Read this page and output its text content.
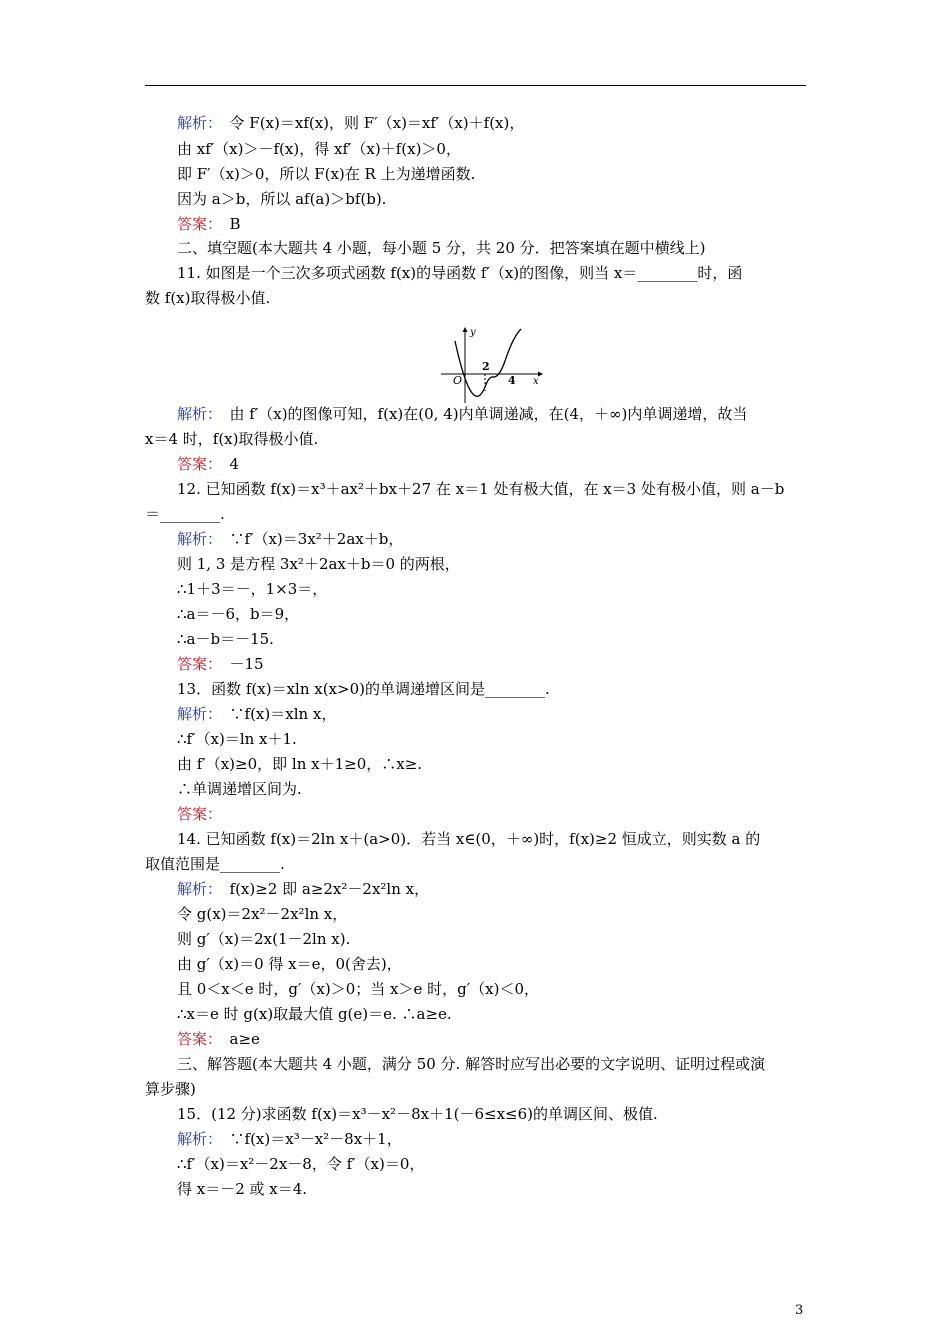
解析：　令 F(x)＝xf(x)，则 F′（x)＝xf′（x)＋f(x)，
由 xf′（x)＞－f(x)，得 xf′（x)＋f(x)＞0，
即 F′（x)＞0，所以 F(x)在 R 上为递增函数.
因为 a＞b，所以 af(a)＞bf(b).
答案：　B
二、填空题(本大题共 4 小题，每小题 5 分，共 20 分．把答案填在题中横线上)
11. 如图是一个三次多项式函数 f(x)的导函数 f′（x)的图像，则当 x＝________时，函
数 f(x)取得极小值.
解析：　由 f′（x)的图像可知，f(x)在(0, 4)内单调递减，在(4，＋∞)内单调递增，故当
x＝4 时，f(x)取得极小值.
答案：　4
12. 已知函数 f(x)＝x³＋ax²＋bx＋27 在 x＝1 处有极大值，在 x＝3 处有极小值，则 a－b
＝________.
解析：　∵f′（x)＝3x²＋2ax＋b，
则 1, 3 是方程 3x²＋2ax＋b＝0 的两根，
∴1＋3＝－，1×3＝，
∴a＝－6，b＝9，
∴a－b＝－15.
答案：　－15
13．函数 f(x)＝xln x(x>0)的单调递增区间是________.
解析：　∵f(x)＝xln x，
∴f′（x)＝ln x＋1.
由 f′（x)≥0，即 ln x＋1≥0，∴x≥.
∴单调递增区间为.
答案：
14. 已知函数 f(x)＝2ln x＋(a>0)．若当 x∈(0，＋∞)时，f(x)≥2 恒成立，则实数 a 的
取值范围是________.
解析：　f(x)≥2 即 a≥2x²－2x²ln x，
令 g(x)＝2x²－2x²ln x，
则 g′（x)＝2x(1－2ln x).
由 g′（x)＝0 得 x＝e，0(舍去)，
且 0＜x＜e 时，g′（x)＞0；当 x＞e 时，g′（x)＜0，
∴x＝e 时 g(x)取最大值 g(e)＝e. ∴a≥e.
答案：　a≥e
三、解答题(本大题共 4 小题，满分 50 分. 解答时应写出必要的文字说明、证明过程或演
算步骤)
15．(12 分)求函数 f(x)＝x³－x²－8x＋1(－6≤x≤6)的单调区间、极值.
解析：　∵f(x)＝x³－x²－8x＋1，
∴f′（x)＝x²－2x－8，令 f′（x)＝0，
得 x＝－2 或 x＝4.
y
x
O
2
4
3
